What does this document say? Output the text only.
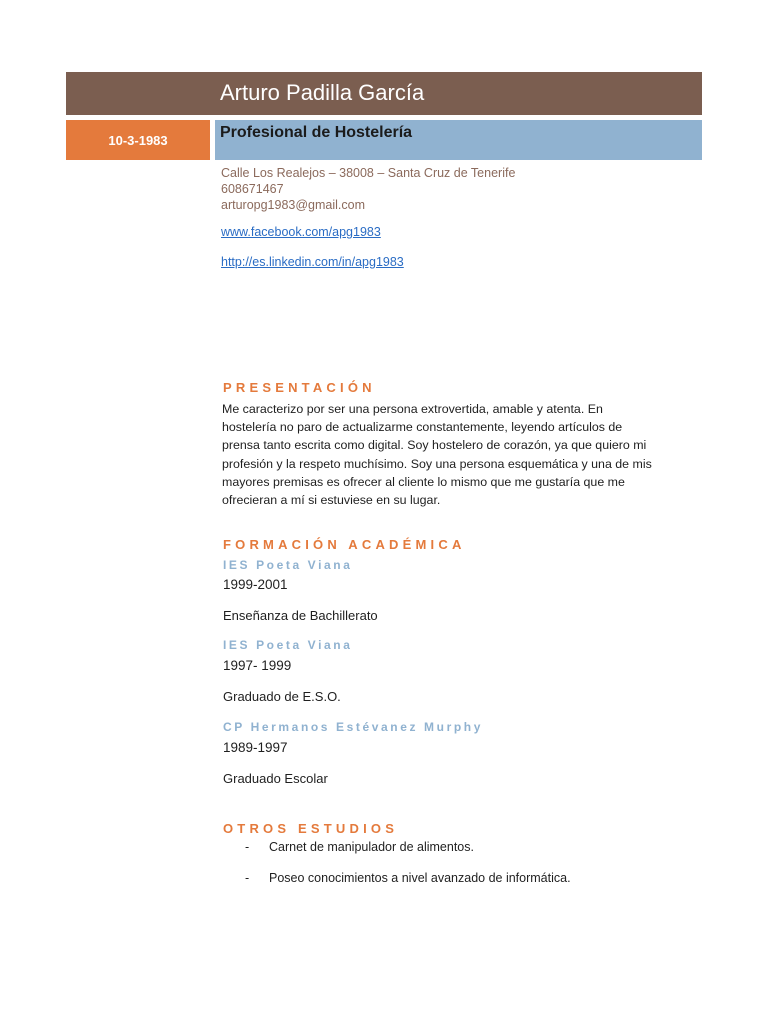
Arturo Padilla García
10-3-1983	Profesional de Hostelería
Calle Los Realejos – 38008 – Santa Cruz de Tenerife
608671467
arturopg1983@gmail.com
www.facebook.com/apg1983
http://es.linkedin.com/in/apg1983
PRESENTACIÓN
Me caracterizo por ser una persona extrovertida, amable y atenta. En
hostelería no paro de actualizarme constantemente, leyendo artículos de
prensa tanto escrita como digital. Soy hostelero de corazón, ya que quiero mi
profesión y la respeto muchísimo. Soy una persona esquemática y una de mis
mayores premisas es ofrecer al cliente lo mismo que me gustaría que me
ofrecieran a mí si estuviese en su lugar.
FORMACIÓN ACADÉMICA
IES Poeta Viana
1999-2001
Enseñanza de Bachillerato
IES Poeta Viana
1997- 1999
Graduado de E.S.O.
CP Hermanos Estévanez Murphy
1989-1997
Graduado Escolar
OTROS ESTUDIOS
- Carnet de manipulador de alimentos.
- Poseo conocimientos a nivel avanzado de informática.
